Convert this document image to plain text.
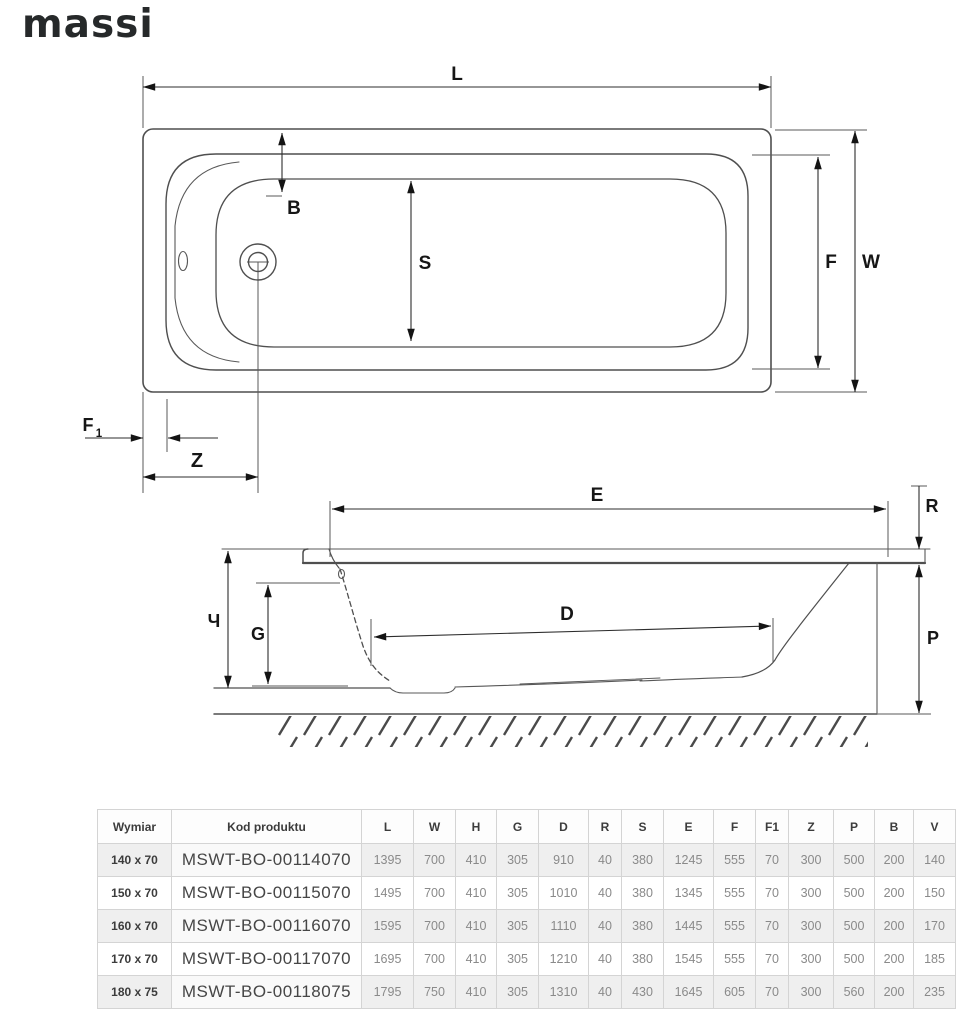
massi
L
B
S	F W
F 1
Z
E	R
P
Ч
G
D
Wymiar	Kod produktu	L	W	H	G	D	R	S	E	F	F1	Z	P	B	V
140 x 70	MSWT-BO-00114070	1395	700	410	305	910	40	380	1245	555	70	300	500	200	140
150 x 70	MSWT-BO-00115070	1495	700	410	305	1010	40	380	1345	555	70	300	500	200	150
160 x 70	MSWT-BO-00116070	1595	700	410	305	1110	40	380	1445	555	70	300	500	200	170
170 x 70	MSWT-BO-00117070	1695	700	410	305	1210	40	380	1545	555	70	300	500	200	185
180 x 75	MSWT-BO-00118075	1795	750	410	305	1310	40	430	1645	605	70	300	560	200	235
